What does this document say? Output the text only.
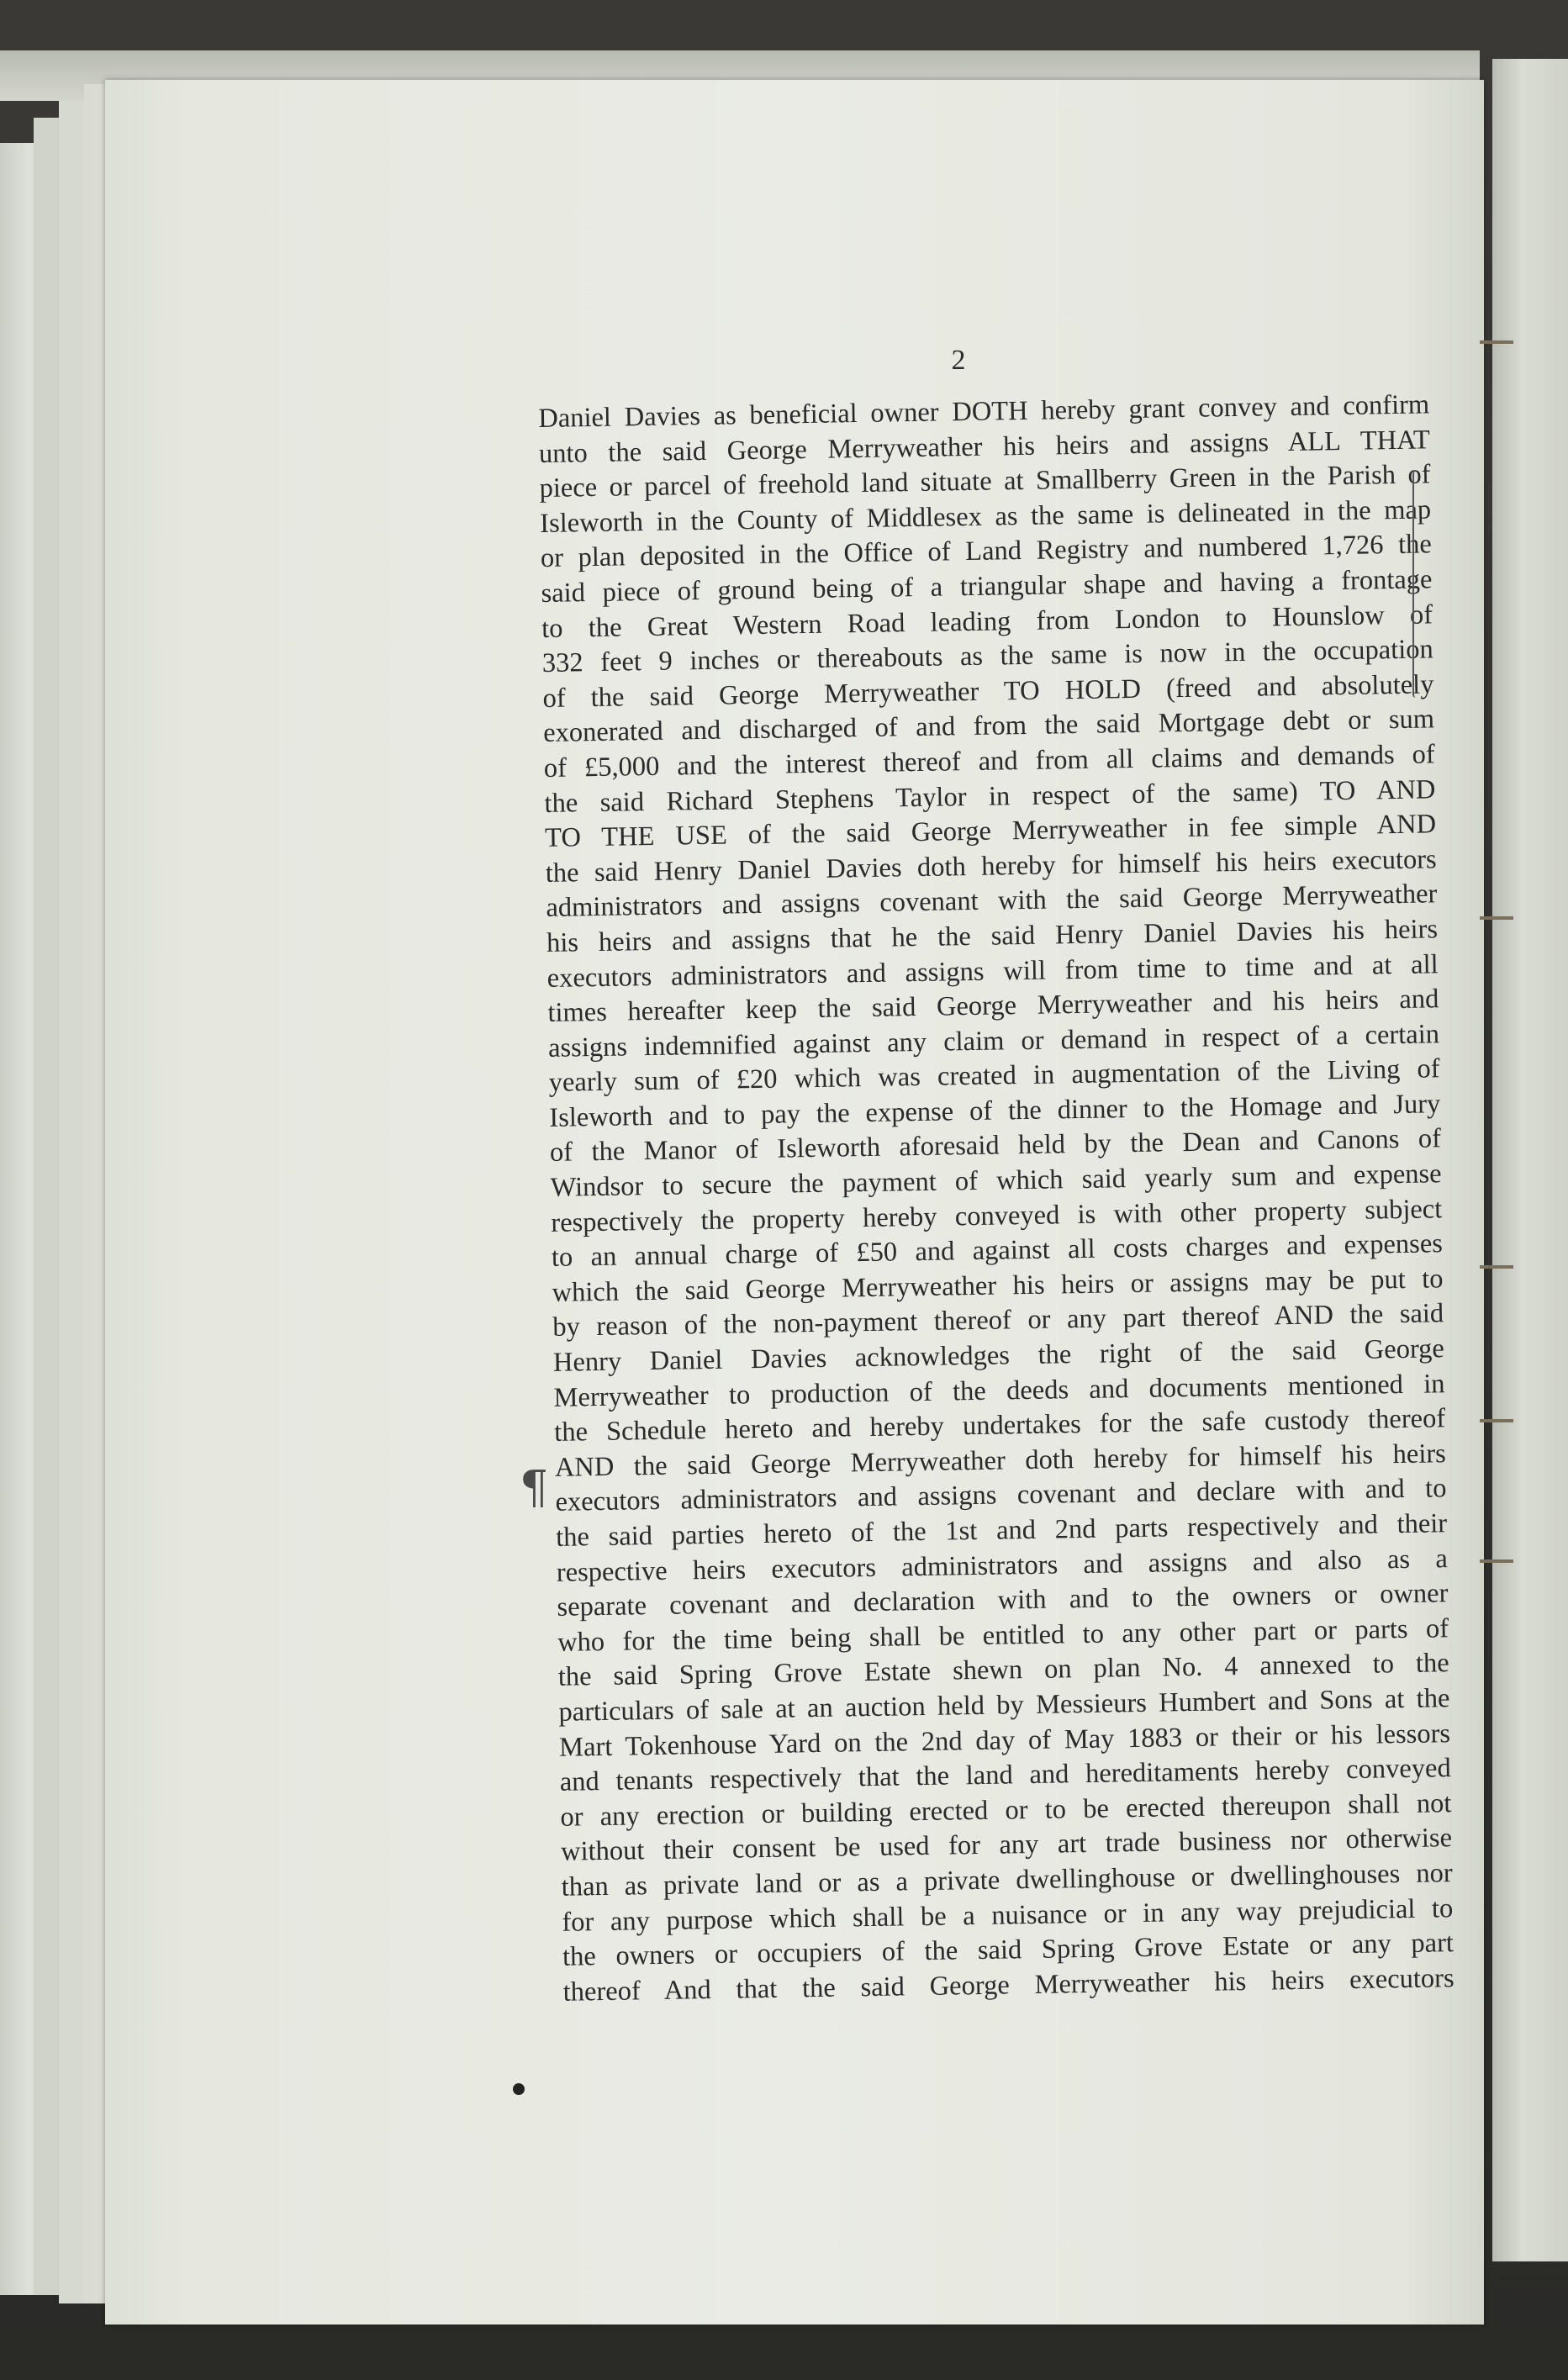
2
Daniel Davies as beneficial owner DOTH hereby grant convey and confirm
unto the said George Merryweather his heirs and assigns ALL THAT
piece or parcel of freehold land situate at Smallberry Green in the Parish of
Isleworth in the County of Middlesex as the same is delineated in the map
or plan deposited in the Office of Land Registry and numbered 1,726 the
said piece of ground being of a triangular shape and having a frontage
to the Great Western Road leading from London to Hounslow of
332 feet 9 inches or thereabouts as the same is now in the occupation
of the said George Merryweather TO HOLD (freed and absolutely
exonerated and discharged of and from the said Mortgage debt or sum
of £5,000 and the interest thereof and from all claims and demands of
the said Richard Stephens Taylor in respect of the same) TO AND
TO THE USE of the said George Merryweather in fee simple AND
the said Henry Daniel Davies doth hereby for himself his heirs executors
administrators and assigns covenant with the said George Merryweather
his heirs and assigns that he the said Henry Daniel Davies his heirs
executors administrators and assigns will from time to time and at all
times hereafter keep the said George Merryweather and his heirs and
assigns indemnified against any claim or demand in respect of a certain
yearly sum of £20 which was created in augmentation of the Living of
Isleworth and to pay the expense of the dinner to the Homage and Jury
of the Manor of Isleworth aforesaid held by the Dean and Canons of
Windsor to secure the payment of which said yearly sum and expense
respectively the property hereby conveyed is with other property subject
to an annual charge of £50 and against all costs charges and expenses
which the said George Merryweather his heirs or assigns may be put to
by reason of the non-payment thereof or any part thereof AND the said
Henry Daniel Davies acknowledges the right of the said George
Merryweather to production of the deeds and documents mentioned in
the Schedule hereto and hereby undertakes for the safe custody thereof
AND the said George Merryweather doth hereby for himself his heirs
executors administrators and assigns covenant and declare with and to
the said parties hereto of the 1st and 2nd parts respectively and their
respective heirs executors administrators and assigns and also as a
separate covenant and declaration with and to the owners or owner
who for the time being shall be entitled to any other part or parts of
the said Spring Grove Estate shewn on plan No. 4 annexed to the
particulars of sale at an auction held by Messieurs Humbert and Sons at the
Mart Tokenhouse Yard on the 2nd day of May 1883 or their or his lessors
and tenants respectively that the land and hereditaments hereby conveyed
or any erection or building erected or to be erected thereupon shall not
without their consent be used for any art trade business nor otherwise
than as private land or as a private dwellinghouse or dwellinghouses nor
for any purpose which shall be a nuisance or in any way prejudicial to
the owners or occupiers of the said Spring Grove Estate or any part
thereof And that the said George Merryweather his heirs executors
¶
